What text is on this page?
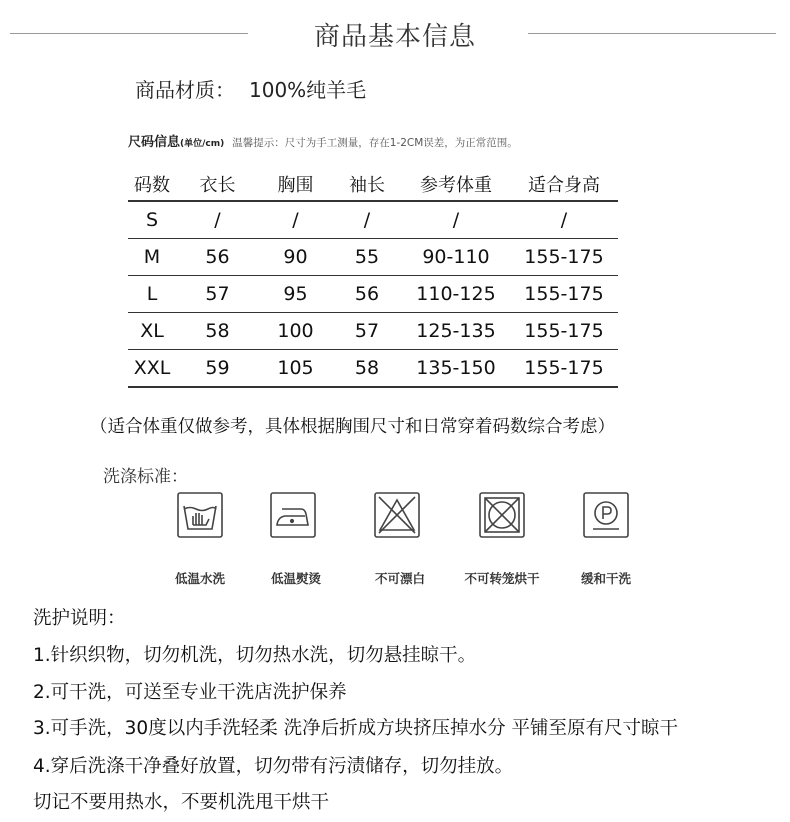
商品基本信息
商品材质： 100%纯羊毛
尺码信息(单位/cm) 温馨提示：尺寸为手工测量，存在1-2CM误差，为正常范围。
码数	衣长	胸围	袖长	参考体重	适合身高
S	/	/	/	/	/
M	56	90	55	90-110	155-175
L	57	95	56	110-125	155-175
XL	58	100	57	125-135	155-175
XXL	59	105	58	135-150	155-175
（适合体重仅做参考，具体根据胸围尺寸和日常穿着码数综合考虑）
洗涤标准：
低温水洗	低温熨烫	不可漂白	不可转笼烘干	缓和干洗
洗护说明：
1.针织织物，切勿机洗，切勿热水洗，切勿悬挂晾干。
2.可干洗，可送至专业干洗店洗护保养
3.可手洗，30度以内手洗轻柔 洗净后折成方块挤压掉水分 平铺至原有尺寸晾干
4.穿后洗涤干净叠好放置，切勿带有污渍储存，切勿挂放。
切记不要用热水，不要机洗甩干烘干
